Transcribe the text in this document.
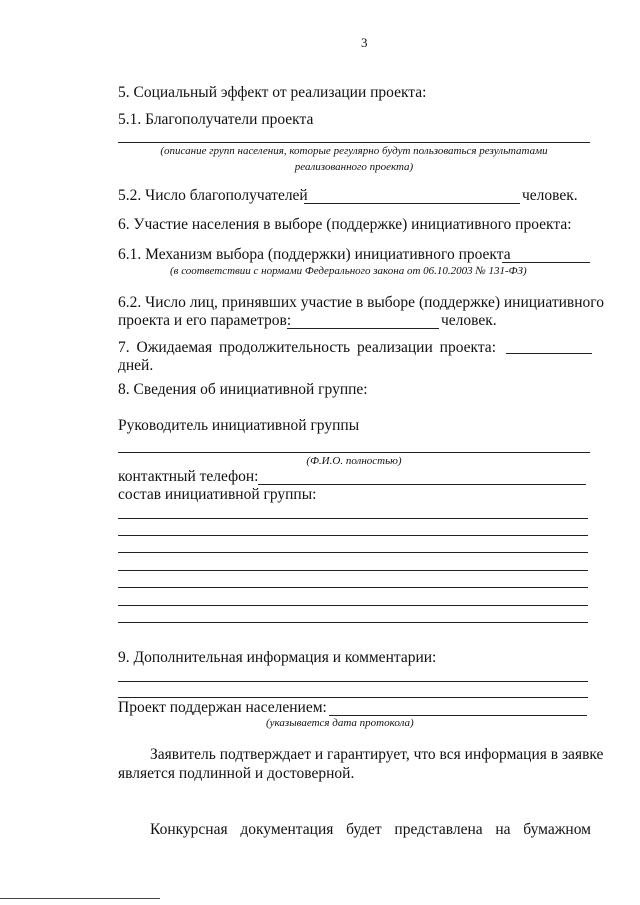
3
5. Социальный эффект от реализации проекта:
5.1. Благополучатели проекта
(описание групп населения, которые регулярно будут пользоваться результатами
реализованного проекта)
5.2. Число благополучателей	человек.
6. Участие населения в выборе (поддержке) инициативного проекта:
6.1. Механизм выбора (поддержки) инициативного проекта
(в соответствии с нормами Федерального закона от 06.10.2003 № 131-ФЗ)
6.2. Число лиц, принявших участие в выборе (поддержке) инициативного
проекта и его параметров:	человек.
7. Ожидаемая продолжительность реализации проекта:
дней.
8. Сведения об инициативной группе:
Руководитель инициативной группы
(Ф.И.О. полностью)
контактный телефон:
состав инициативной группы:
9. Дополнительная информация и комментарии:
Проект поддержан населением:
(указывается дата протокола)
Заявитель подтверждает и гарантирует, что вся информация в заявке
является подлинной и достоверной.
Конкурсная документация будет представлена на бумажном
